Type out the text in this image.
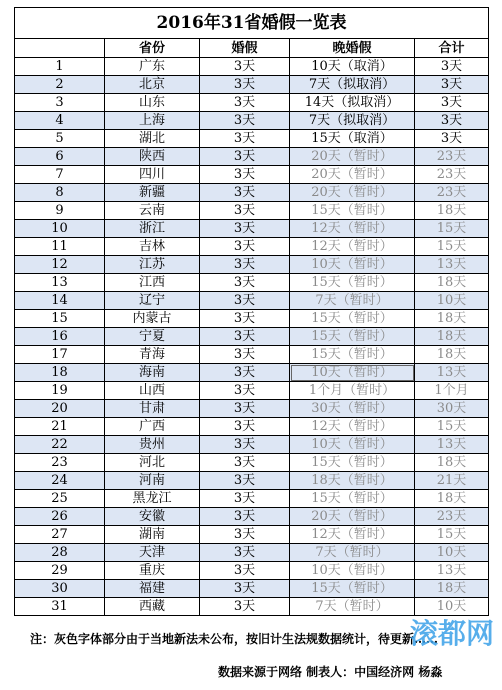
2016年31省婚假一览表				
	省份	婚假	晚婚假	合计
1	广东	3天	10天（取消）	3天
2	北京	3天	7天（拟取消）	3天
3	山东	3天	14天（拟取消）	3天
4	上海	3天	7天（拟取消）	3天
5	湖北	3天	15天（取消）	3天
6	陕西	3天	20天（暂时）	23天
7	四川	3天	20天（暂时）	23天
8	新疆	3天	20天（暂时）	23天
9	云南	3天	15天（暂时）	18天
10	浙江	3天	12天（暂时）	15天
11	吉林	3天	12天（暂时）	15天
12	江苏	3天	10天（暂时）	13天
13	江西	3天	15天（暂时）	18天
14	辽宁	3天	7天（暂时）	10天
15	内蒙古	3天	15天（暂时）	18天
16	宁夏	3天	15天（暂时）	18天
17	青海	3天	15天（暂时）	18天
18	海南	3天	10天（暂时）	13天
19	山西	3天	1个月（暂时）	1个月
20	甘肃	3天	30天（暂时）	30天
21	广西	3天	12天（暂时）	15天
22	贵州	3天	10天（暂时）	13天
23	河北	3天	15天（暂时）	18天
24	河南	3天	18天（暂时）	21天
25	黑龙江	3天	15天（暂时）	18天
26	安徽	3天	20天（暂时）	23天
27	湖南	3天	12天（暂时）	15天
28	天津	3天	7天（暂时）	10天
29	重庆	3天	10天（暂时）	13天
30	福建	3天	15天（暂时）	18天
31	西藏	3天	7天（暂时）	10天
注：灰色字体部分由于当地新法未公布，按旧计生法规数据统计，待更新……
数据来源于网络 制表人：中国经济网 杨淼
滚都网
